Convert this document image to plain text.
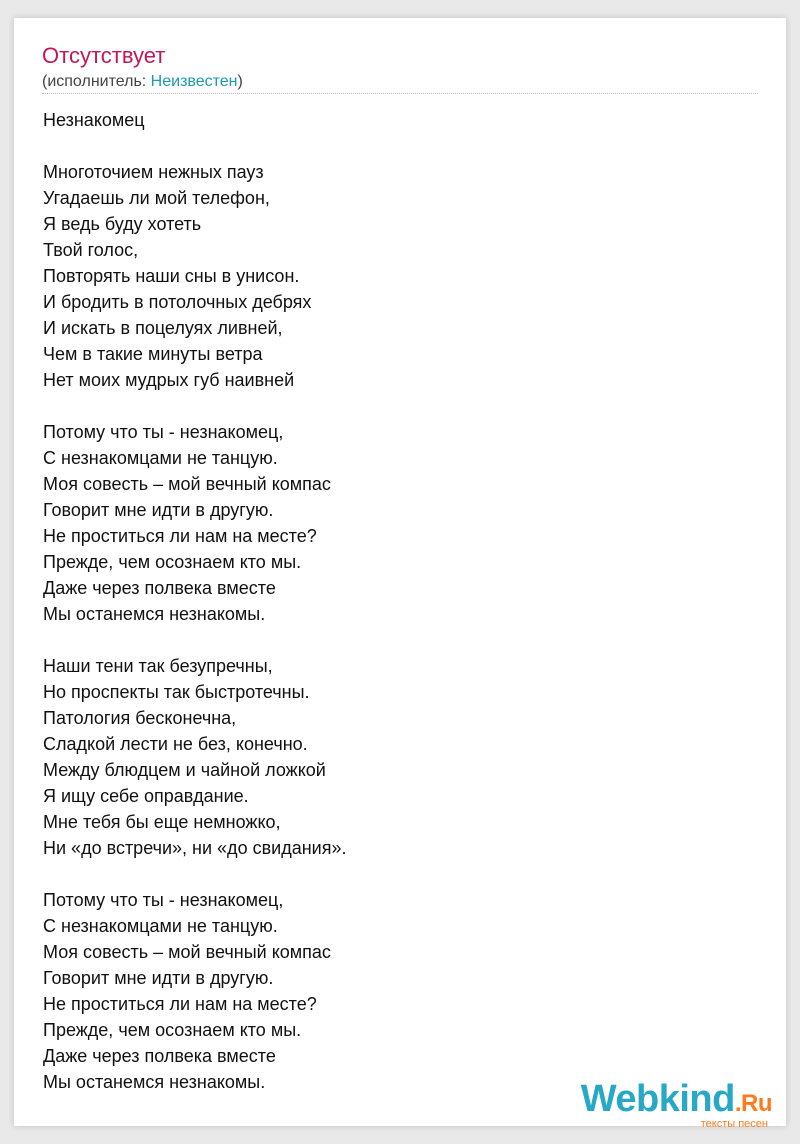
Отсутствует
(исполнитель: Неизвестен)
Незнакомец
Многоточием нежных пауз
Угадаешь ли мой телефон,
Я ведь буду хотеть
Твой голос,
Повторять наши сны в унисон.
И бродить в потолочных дебрях
И искать в поцелуях ливней,
Чем в такие минуты ветра
Нет моих мудрых губ наивней
Потому что ты - незнакомец,
С незнакомцами не танцую.
Моя совесть – мой вечный компас
Говорит мне идти в другую.
Не проститься ли нам на месте?
Прежде, чем осознаем кто мы.
Даже через полвека вместе
Мы останемся незнакомы.
Наши тени так безупречны,
Но проспекты так быстротечны.
Патология бесконечна,
Сладкой лести не без, конечно.
Между блюдцем и чайной ложкой
Я ищу себе оправдание.
Мне тебя бы еще немножко,
Ни «до встречи», ни «до свидания».
Потому что ты - незнакомец,
С незнакомцами не танцую.
Моя совесть – мой вечный компас
Говорит мне идти в другую.
Не проститься ли нам на месте?
Прежде, чем осознаем кто мы.
Даже через полвека вместе
Мы останемся незнакомы.	Webkind.Ru
тексты песен
